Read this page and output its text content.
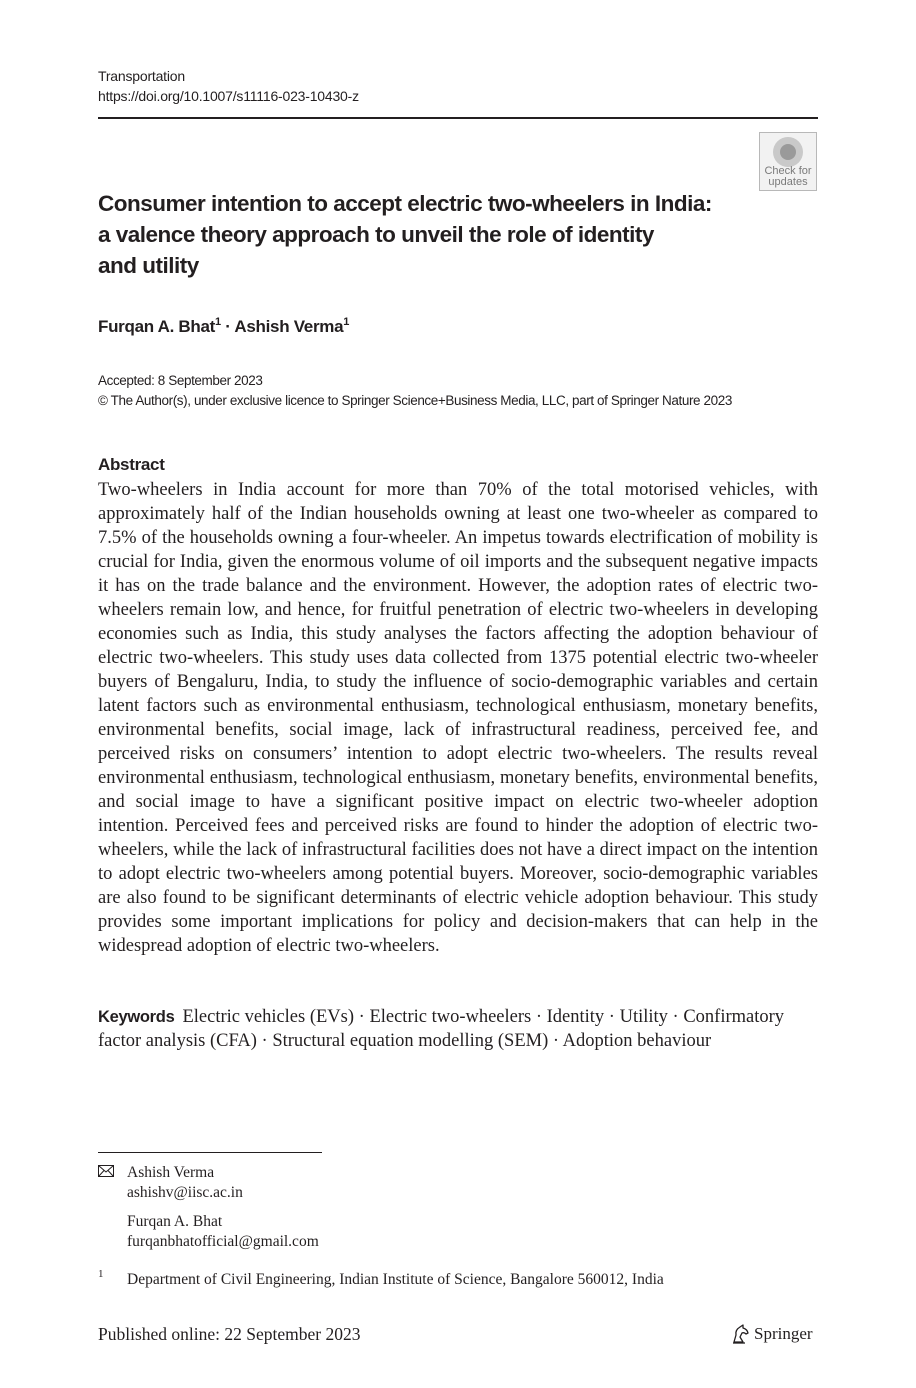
Transportation
https://doi.org/10.1007/s11116-023-10430-z
Check for
updates
Consumer intention to accept electric two-wheelers in India:
a valence theory approach to unveil the role of identity
and utility
Furqan A. Bhat$^1$ · Ashish Verma$^1$
Accepted: 8 September 2023
© The Author(s), under exclusive licence to Springer Science+Business Media, LLC, part of Springer Nature 2023
Abstract

Two-wheelers in India account for more than 70% of the total motorised vehicles, with approximately half of the Indian households owning at least one two-wheeler as compared to 7.5% of the households owning a four-wheeler. An impetus towards electrification of mobility is crucial for India, given the enormous volume of oil imports and the subsequent negative impacts it has on the trade balance and the environment. However, the adoption rates of electric two-wheelers remain low, and hence, for fruitful penetration of electric two-wheelers in developing economies such as India, this study analyses the factors affecting the adoption behaviour of electric two-wheelers. This study uses data collected from 1375 potential electric two-wheeler buyers of Bengaluru, India, to study the influence of socio-demographic variables and certain latent factors such as environmental enthusiasm, technological enthusiasm, monetary benefits, environmental benefits, social image, lack of infrastructural readiness, perceived fee, and perceived risks on consumers’ intention to adopt electric two-wheelers. The results reveal environmental enthusiasm, technological enthusiasm, monetary benefits, environmental benefits, and social image to have a significant positive impact on electric two-wheeler adoption intention. Perceived fees and perceived risks are found to hinder the adoption of electric two-wheelers, while the lack of infrastructural facilities does not have a direct impact on the intention to adopt electric two-wheelers among potential buyers. Moreover, socio-demographic variables are also found to be significant determinants of electric vehicle adoption behaviour. This study provides some important implications for policy and decision-makers that can help in the widespread adoption of electric two-wheelers.

Keywords Electric vehicles (EVs) · Electric two-wheelers · Identity · Utility · Confirmatory factor analysis (CFA) · Structural equation modelling (SEM) · Adoption behaviour
Ashish Verma
ashishv@iisc.ac.in
Furqan A. Bhat
furqanbhatofficial@gmail.com
1 Department of Civil Engineering, Indian Institute of Science, Bangalore 560012, India
Published online: 22 September 2023	Springer
